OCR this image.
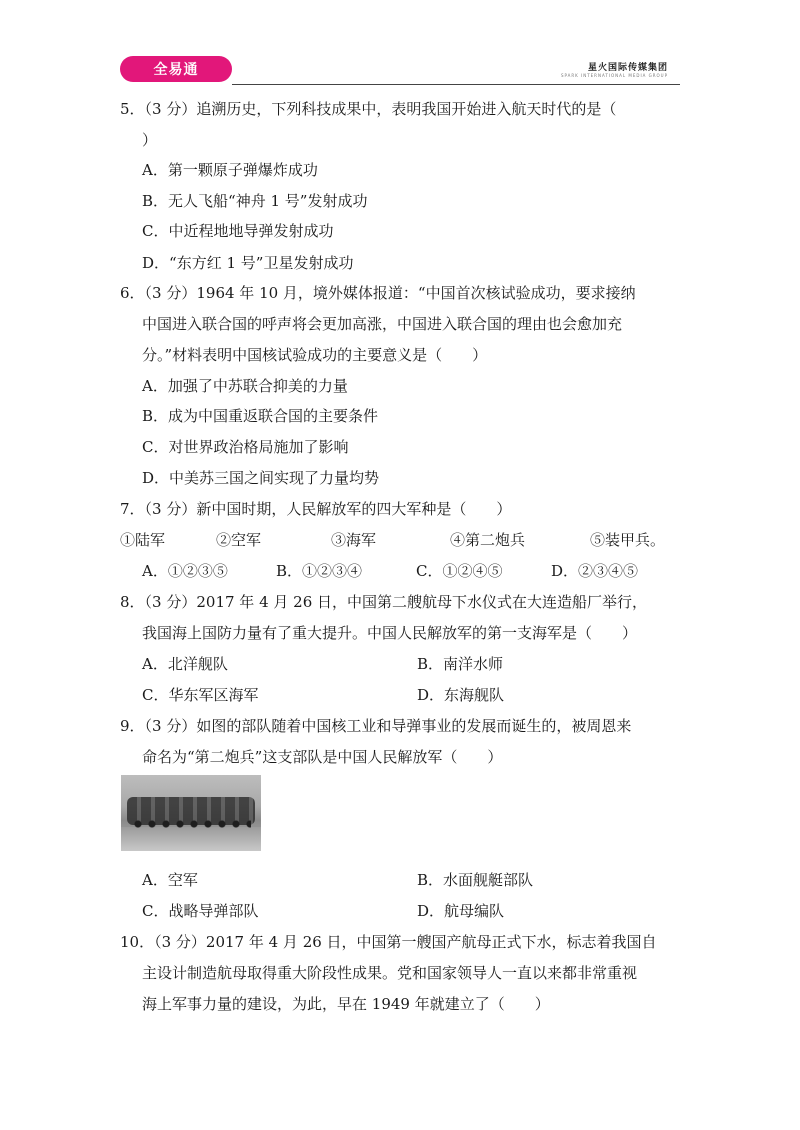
全易通	星火国际传媒集团
SPARK INTERNATIONAL MEDIA GROUP
5．（3 分）追溯历史，下列科技成果中，表明我国开始进入航天时代的是（
）
A．第一颗原子弹爆炸成功
B．无人飞船“神舟 1 号”发射成功
C．中近程地地导弹发射成功
D．“东方红 1 号”卫星发射成功
6．（3 分）1964 年 10 月，境外媒体报道：“中国首次核试验成功，要求接纳
中国进入联合国的呼声将会更加高涨，中国进入联合国的理由也会愈加充
分。”材料表明中国核试验成功的主要意义是（　　）
A．加强了中苏联合抑美的力量
B．成为中国重返联合国的主要条件
C．对世界政治格局施加了影响
D．中美苏三国之间实现了力量均势
7．（3 分）新中国时期，人民解放军的四大军种是（　　）
①陆军	②空军	③海军	④第二炮兵	⑤装甲兵。
A．①②③⑤	B．①②③④	C．①②④⑤	D．②③④⑤
8．（3 分）2017 年 4 月 26 日，中国第二艘航母下水仪式在大连造船厂举行，
我国海上国防力量有了重大提升。中国人民解放军的第一支海军是（　　）
A．北洋舰队	B．南洋水师
C．华东军区海军	D．东海舰队
9．（3 分）如图的部队随着中国核工业和导弹事业的发展而诞生的，被周恩来
命名为“第二炮兵”这支部队是中国人民解放军（　　）
A．空军	B．水面舰艇部队
C．战略导弹部队	D．航母编队
10．（3 分）2017 年 4 月 26 日，中国第一艘国产航母正式下水，标志着我国自
主设计制造航母取得重大阶段性成果。党和国家领导人一直以来都非常重视
海上军事力量的建设，为此，早在 1949 年就建立了（　　）
